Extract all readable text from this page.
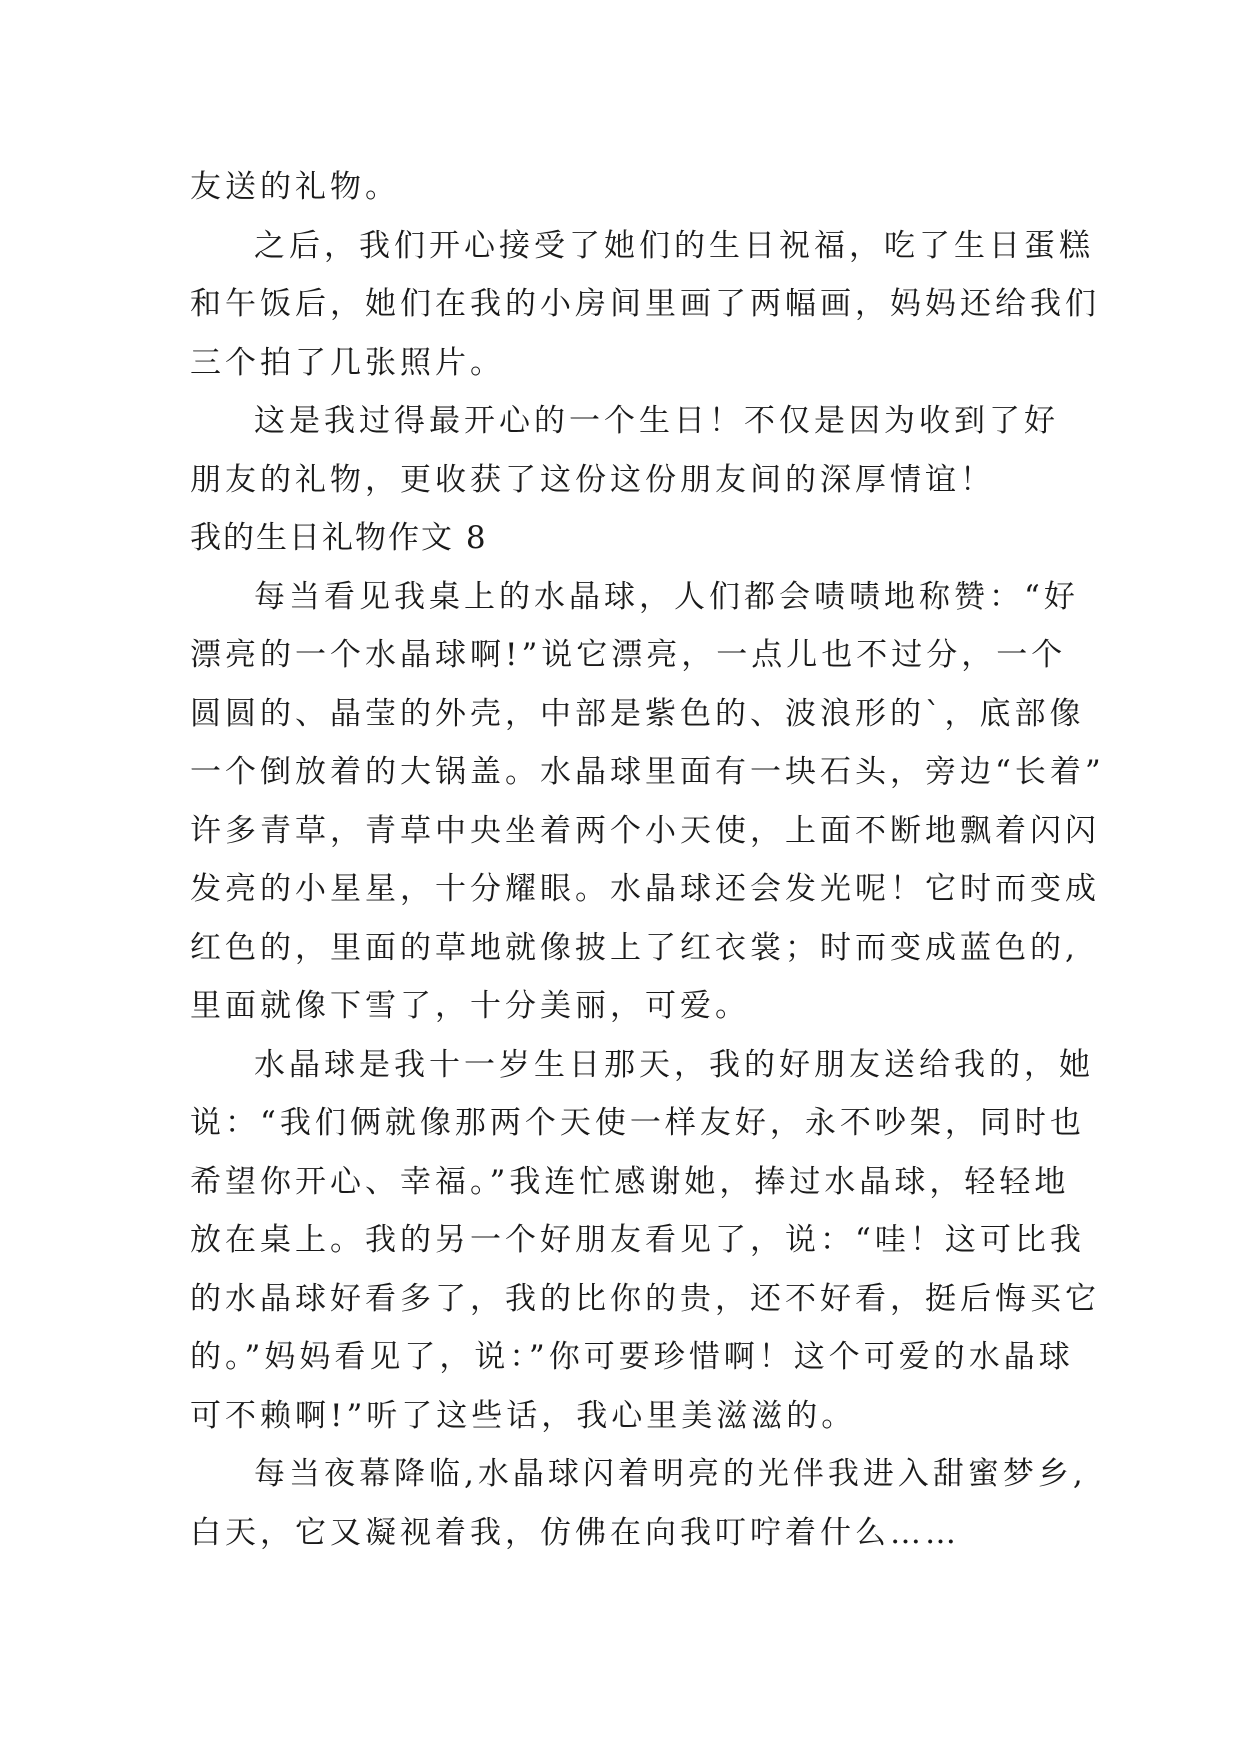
友送的礼物。
之后，我们开心接受了她们的生日祝福，吃了生日蛋糕
和午饭后，她们在我的小房间里画了两幅画，妈妈还给我们
三个拍了几张照片。
这是我过得最开心的一个生日！不仅是因为收到了好
朋友的礼物，更收获了这份这份朋友间的深厚情谊！
我的生日礼物作文 8
每当看见我桌上的水晶球，人们都会啧啧地称赞：“好
漂亮的一个水晶球啊!”说它漂亮，一点儿也不过分，一个
圆圆的、晶莹的外壳，中部是紫色的、波浪形的`，底部像
一个倒放着的大锅盖。水晶球里面有一块石头，旁边“长着”
许多青草，青草中央坐着两个小天使，上面不断地飘着闪闪
发亮的小星星，十分耀眼。水晶球还会发光呢！它时而变成
红色的，里面的草地就像披上了红衣裳；时而变成蓝色的,
里面就像下雪了，十分美丽，可爱。
水晶球是我十一岁生日那天，我的好朋友送给我的，她
说：“我们俩就像那两个天使一样友好，永不吵架，同时也
希望你开心、幸福。”我连忙感谢她，捧过水晶球，轻轻地
放在桌上。我的另一个好朋友看见了，说：“哇！这可比我
的水晶球好看多了，我的比你的贵，还不好看，挺后悔买它
的。”妈妈看见了，说：”你可要珍惜啊！这个可爱的水晶球
可不赖啊!”听了这些话，我心里美滋滋的。
每当夜幕降临,水晶球闪着明亮的光伴我进入甜蜜梦乡,
白天，它又凝视着我，仿佛在向我叮咛着什么……
